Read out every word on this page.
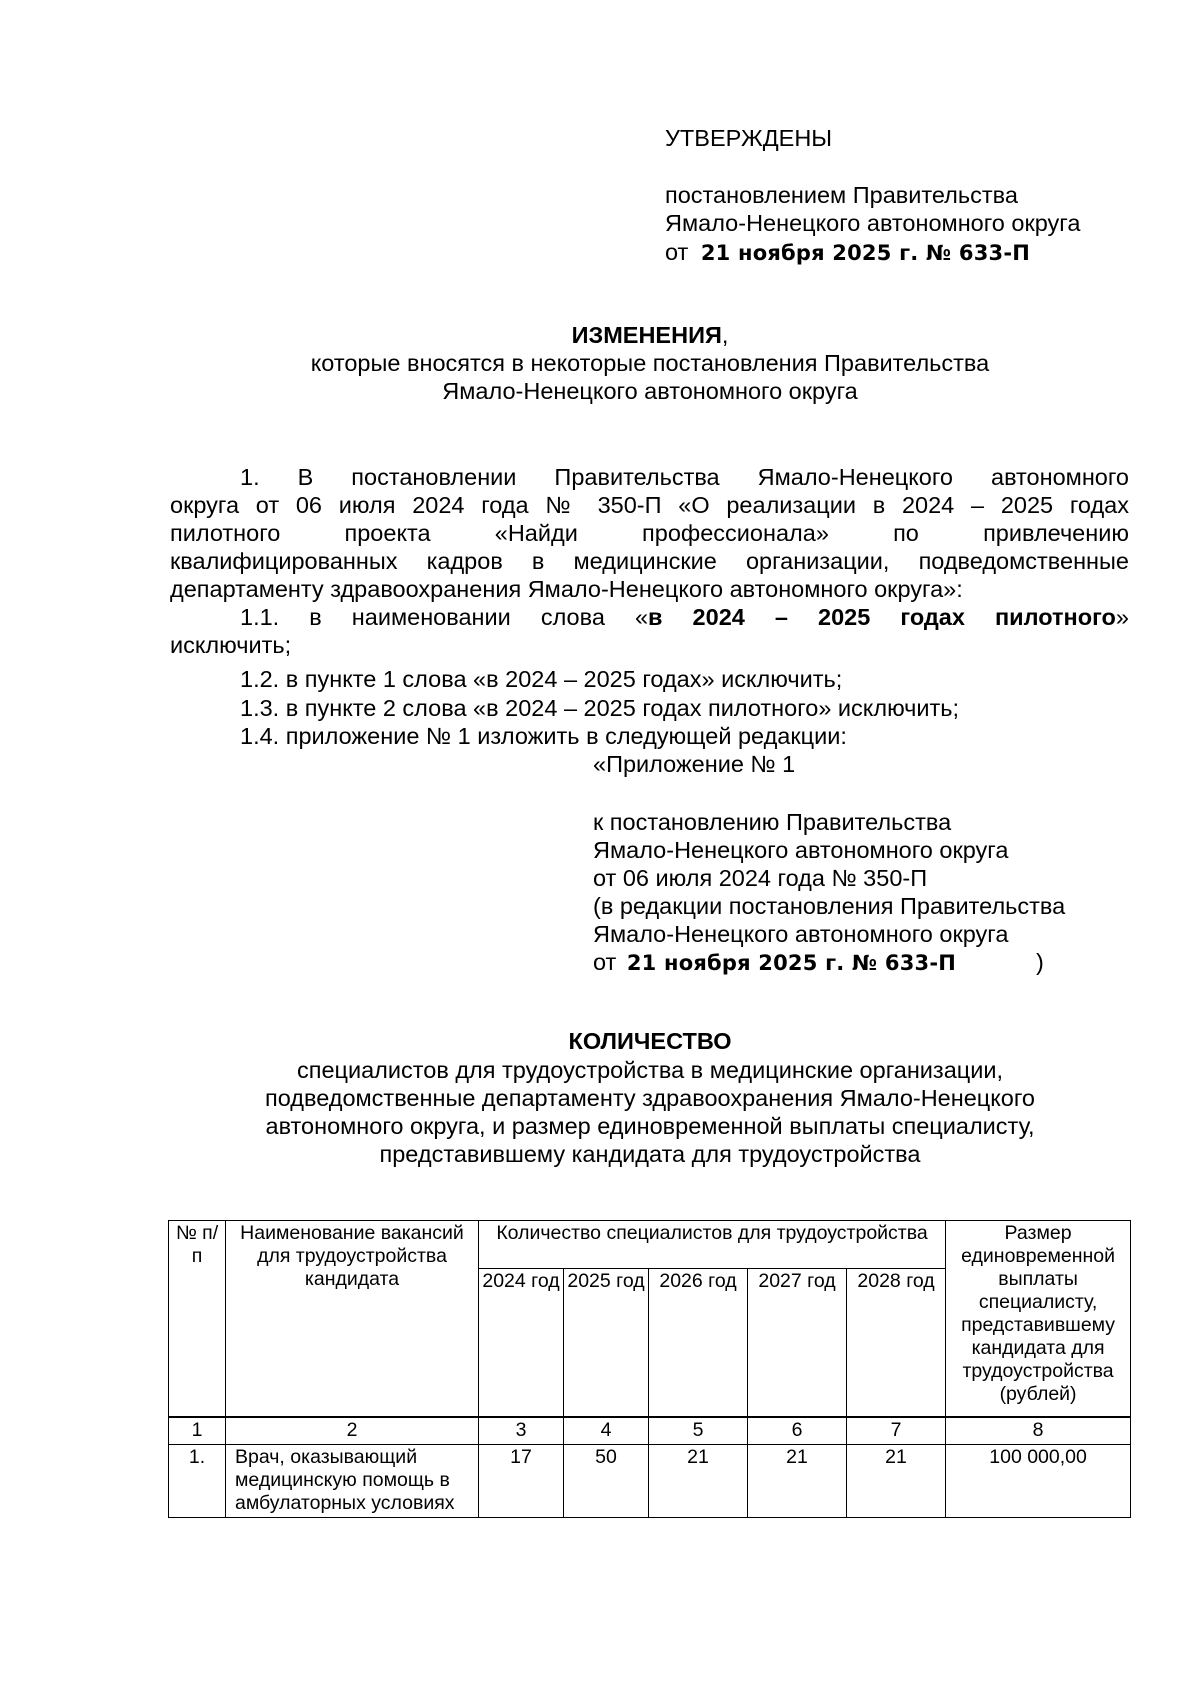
УТВЕРЖДЕНЫ
постановлением Правительства
Ямало-Ненецкого автономного округа
от 21 ноября 2025 г. № 633-П
ИЗМЕНЕНИЯ,
которые вносятся в некоторые постановления Правительства
Ямало-Ненецкого автономного округа
1. В постановлении Правительства Ямало-Ненецкого автономного
округа от 06 июля 2024 года № 350-П «О реализации в 2024 – 2025 годах
пилотного проекта «Найди профессионала» по привлечению
квалифицированных кадров в медицинские организации, подведомственные
департаменту здравоохранения Ямало-Ненецкого автономного округа»:
1.1. в наименовании слова «в 2024 – 2025 годах пилотного»
исключить;
1.2. в пункте 1 слова «в 2024 – 2025 годах» исключить;
1.3. в пункте 2 слова «в 2024 – 2025 годах пилотного» исключить;
1.4. приложение № 1 изложить в следующей редакции:
«Приложение № 1
к постановлению Правительства
Ямало-Ненецкого автономного округа
от 06 июля 2024 года № 350-П
(в редакции постановления Правительства
Ямало-Ненецкого автономного округа
от 21 ноября 2025 г. № 633-П	)
КОЛИЧЕСТВО
специалистов для трудоустройства в медицинские организации,
подведомственные департаменту здравоохранения Ямало-Ненецкого
автономного округа, и размер единовременной выплаты специалисту,
представившему кандидата для трудоустройства
№ п/п	Наименование вакансий для трудоустройства кандидата	Количество специалистов для трудоустройства					Размер единовременной выплаты специалисту, представившему кандидата для трудоустройства (рублей)
		2024 год	2025 год	2026 год	2027 год	2028 год	
1	2	3	4	5	6	7	8
1.	Врач, оказывающий медицинскую помощь в амбулаторных условиях	17	50	21	21	21	100 000,00
